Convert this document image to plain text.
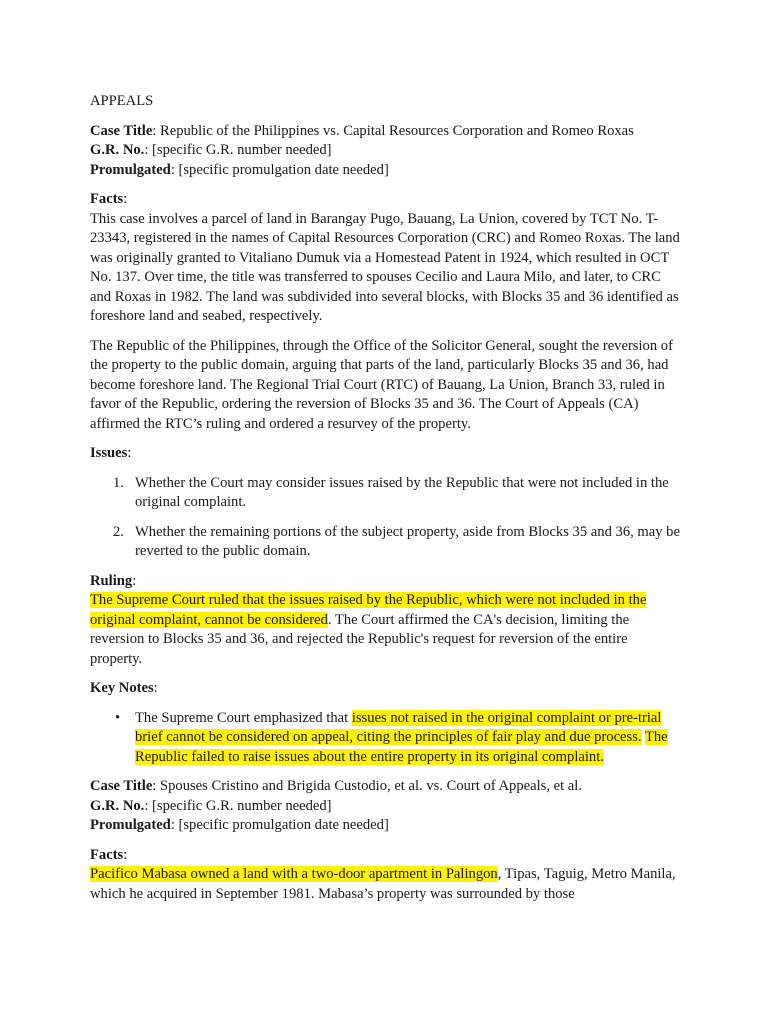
APPEALS

Case Title: Republic of the Philippines vs. Capital Resources Corporation and Romeo Roxas

G.R. No.: [specific G.R. number needed]

Promulgated: [specific promulgation date needed]

Facts:

This case involves a parcel of land in Barangay Pugo, Bauang, La Union, covered by TCT No. T-23343, registered in the names of Capital Resources Corporation (CRC) and Romeo Roxas. The land was originally granted to Vitaliano Dumuk via a Homestead Patent in 1924, which resulted in OCT No. 137. Over time, the title was transferred to spouses Cecilio and Laura Milo, and later, to CRC and Roxas in 1982. The land was subdivided into several blocks, with Blocks 35 and 36 identified as foreshore land and seabed, respectively.

The Republic of the Philippines, through the Office of the Solicitor General, sought the reversion of the property to the public domain, arguing that parts of the land, particularly Blocks 35 and 36, had become foreshore land. The Regional Trial Court (RTC) of Bauang, La Union, Branch 33, ruled in favor of the Republic, ordering the reversion of Blocks 35 and 36. The Court of Appeals (CA) affirmed the RTC’s ruling and ordered a resurvey of the property.

Issues:

1. Whether the Court may consider issues raised by the Republic that were not included in the original complaint.
2. Whether the remaining portions of the subject property, aside from Blocks 35 and 36, may be reverted to the public domain.

Ruling:

The Supreme Court ruled that the issues raised by the Republic, which were not included in the original complaint, cannot be considered. The Court affirmed the CA's decision, limiting the reversion to Blocks 35 and 36, and rejected the Republic's request for reversion of the entire property.

Key Notes:

• The Supreme Court emphasized that issues not raised in the original complaint or pre-trial brief cannot be considered on appeal, citing the principles of fair play and due process. The Republic failed to raise issues about the entire property in its original complaint.

Case Title: Spouses Cristino and Brigida Custodio, et al. vs. Court of Appeals, et al.

G.R. No.: [specific G.R. number needed]

Promulgated: [specific promulgation date needed]

Facts:

Pacifico Mabasa owned a land with a two-door apartment in Palingon, Tipas, Taguig, Metro Manila, which he acquired in September 1981. Mabasa’s property was surrounded by those
